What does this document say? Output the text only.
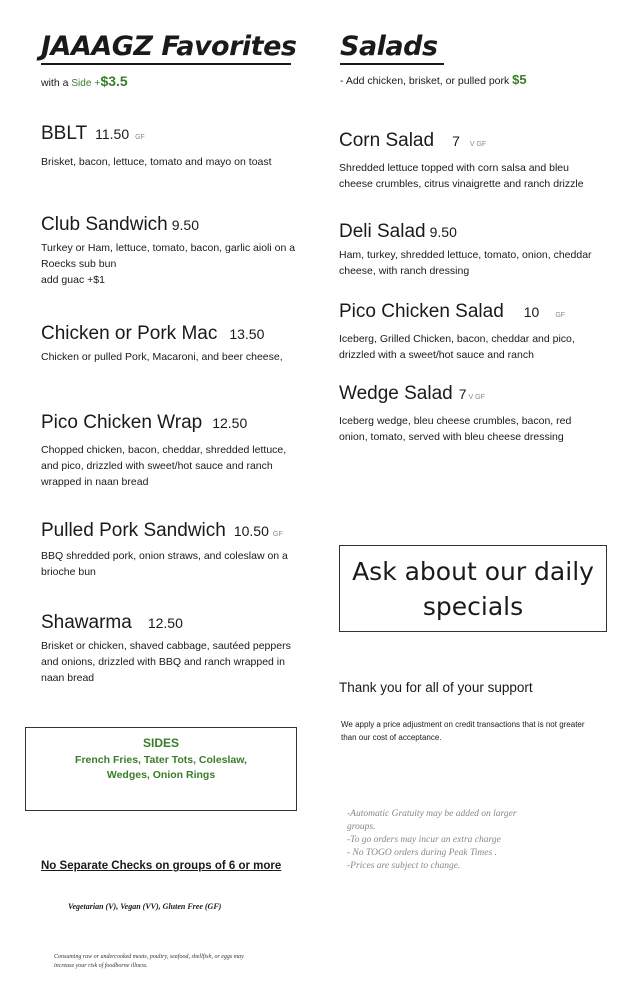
JAAAGZ Favorites
with a Side +$3.5
BBLT 11.50 GF
Brisket, bacon, lettuce, tomato and mayo on toast
Club Sandwich 9.50
Turkey or Ham, lettuce, tomato, bacon, garlic aioli on a
Roecks sub bun
add guac +$1
Chicken or Pork Mac 13.50
Chicken or pulled Pork, Macaroni, and beer cheese,
Pico Chicken Wrap 12.50
Chopped chicken, bacon, cheddar, shredded lettuce,
and pico, drizzled with sweet/hot sauce and ranch
wrapped in naan bread
Pulled Pork Sandwich 10.50 GF
BBQ shredded pork, onion straws, and coleslaw on a
brioche bun
Shawarma 12.50
Brisket or chicken, shaved cabbage, sautéed peppers
and onions, drizzled with BBQ and ranch wrapped in
naan bread
SIDES
French Fries, Tater Tots, Coleslaw,
Wedges, Onion Rings
No Separate Checks on groups of 6 or more
Vegetarian (V), Vegan (VV), Gluten Free (GF)
Consuming raw or undercooked meats, poultry, seafood, shellfish, or eggs may
increase your risk of foodborne illness.
Salads
- Add chicken, brisket, or pulled pork $5
Corn Salad 7 V GF
Shredded lettuce topped with corn salsa and bleu
cheese crumbles, citrus vinaigrette and ranch drizzle
Deli Salad 9.50
Ham, turkey, shredded lettuce, tomato, onion, cheddar
cheese, with ranch dressing
Pico Chicken Salad 10 GF
Iceberg, Grilled Chicken, bacon, cheddar and pico,
drizzled with a sweet/hot sauce and ranch
Wedge Salad 7 V GF
Iceberg wedge, bleu cheese crumbles, bacon, red
onion, tomato, served with bleu cheese dressing
Ask about our daily
specials
Thank you for all of your support
We apply a price adjustment on credit transactions that is not greater
than our cost of acceptance.
-Automatic Gratuity may be added on larger
groups.
-To go orders may incur an extra charge
- No TOGO orders during Peak Times .
-Prices are subject to change.
